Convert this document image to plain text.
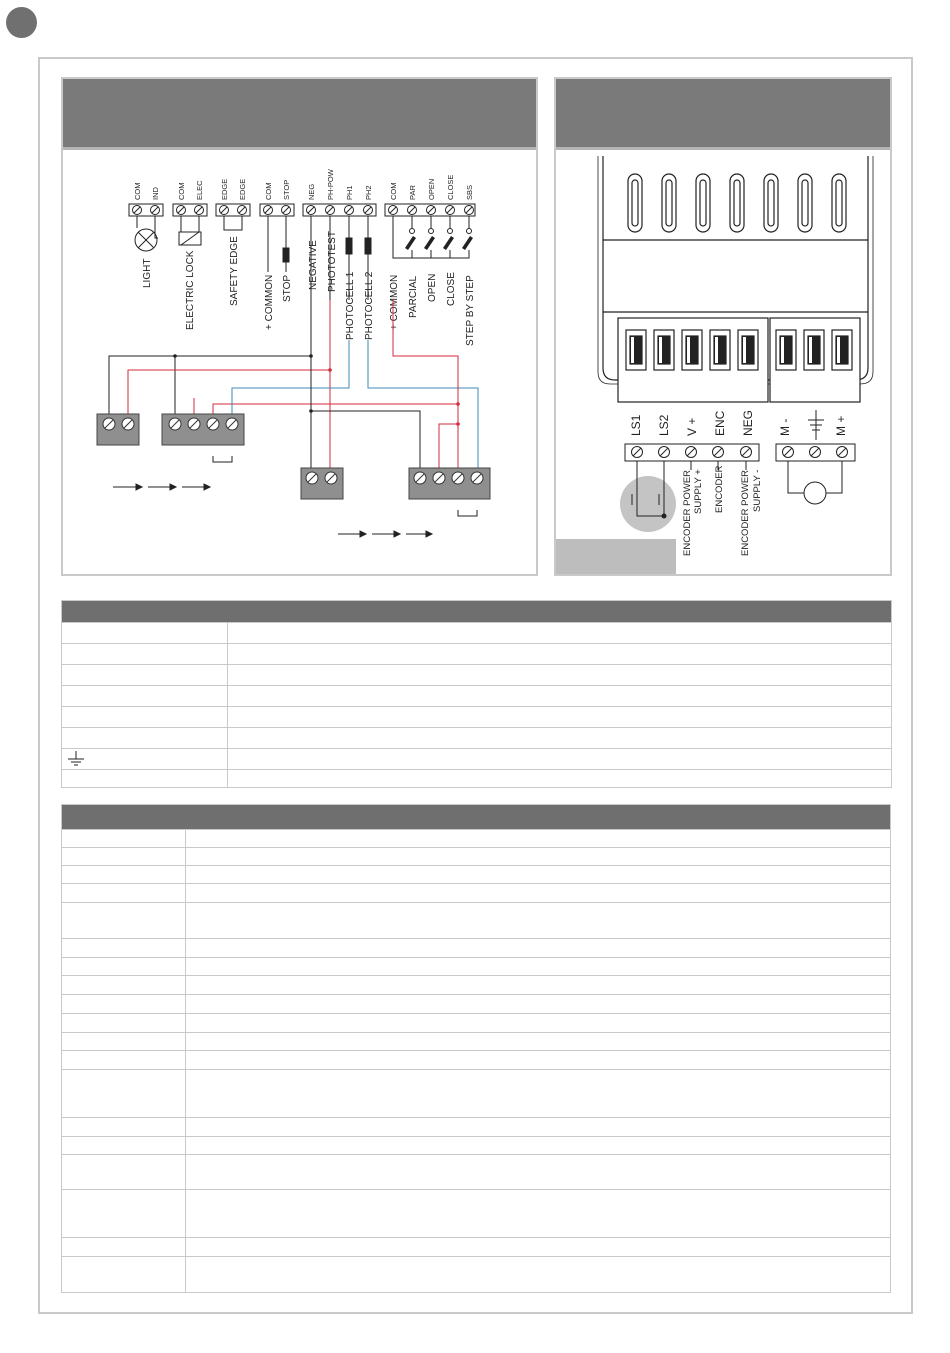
COM IND COM ELEC EDGE EDGE COM STOP NEG PH-POW PH1 PH2 COM PAR OPEN CLOSE SBS
LIGHT	ELECTRIC LOCK	SAFETY EDGE + COMMON STOP NEGATIVE PHOTOTEST
PHOTOCELL 1 PHOTOCELL 2 + COMMON PARCIAL OPEN CLOSE STEP BY STEP
LS1 LS2 V + ENC NEG M -	M +
ENCODER POWER SUPPLY + ENCODER ENCODER POWER SUPPLY -
